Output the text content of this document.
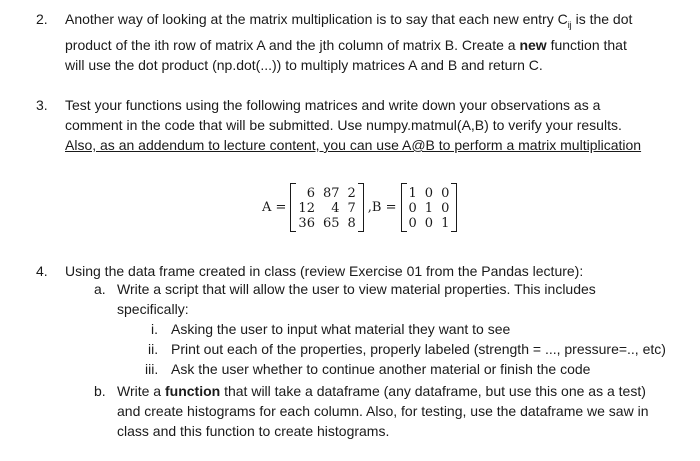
2. Another way of looking at the matrix multiplication is to say that each new entry $C_{ij}$ is the dot
product of the ith row of matrix A and the jth column of matrix B. Create a new function that
will use the dot product (np.dot(...)) to multiply matrices A and B and return C.
3. Test your functions using the following matrices and write down your observations as a
comment in the code that will be submitted. Use numpy.matmul(A,B) to verify your results.
Also, as an addendum to lecture content, you can use A@B to perform a matrix multiplication
A =
6 87 2
12	4 7
36 65 8
,B =
1 0 0
0 1 0
0 0 1
4. Using the data frame created in class (review Exercise 01 from the Pandas lecture):
a. Write a script that will allow the user to view material properties. This includes
specifically:
i. Asking the user to input what material they want to see
ii. Print out each of the properties, properly labeled (strength = ..., pressure=.., etc)
iii. Ask the user whether to continue another material or finish the code
b. Write a function that will take a dataframe (any dataframe, but use this one as a test)
and create histograms for each column. Also, for testing, use the dataframe we saw in
class and this function to create histograms.
